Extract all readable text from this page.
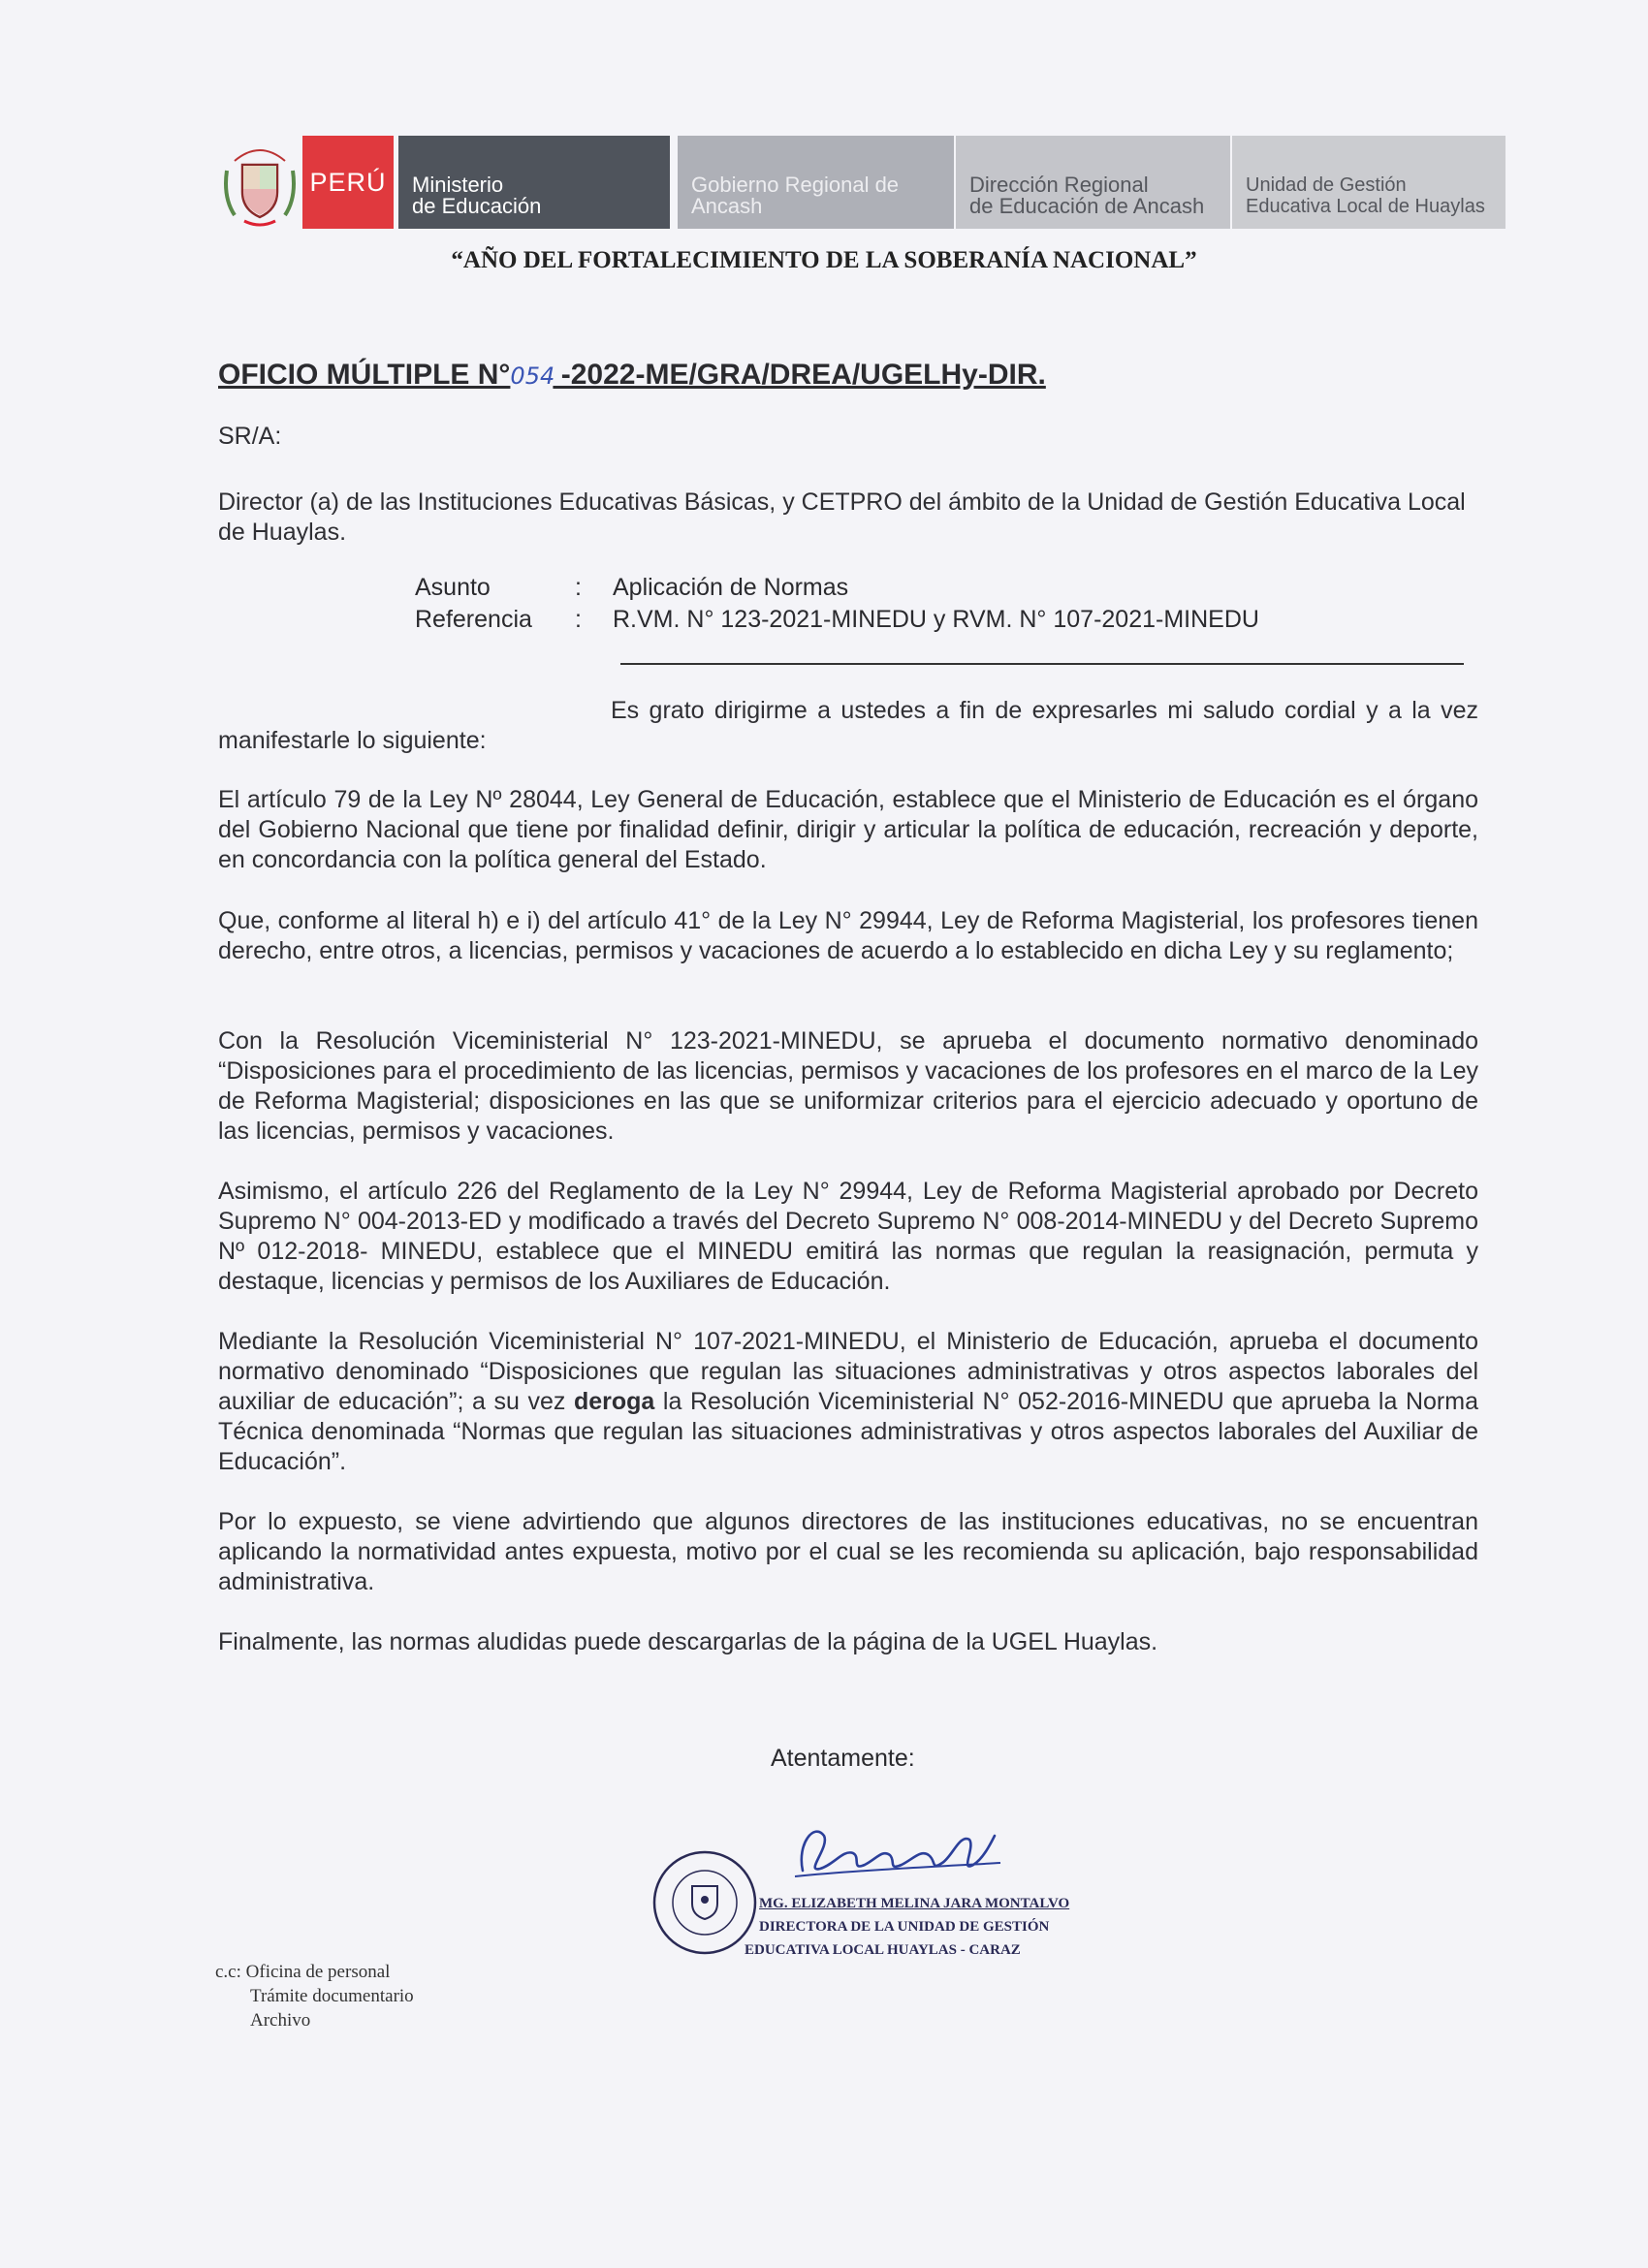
PERÚ	Ministerio
de Educación
Gobierno Regional de
Ancash
Dirección Regional
de Educación de Ancash
Unidad de Gestión
Educativa Local de Huaylas
“AÑO DEL FORTALECIMIENTO DE LA SOBERANÍA NACIONAL”
OFICIO MÚLTIPLE N°054 -2022-ME/GRA/DREA/UGELHy-DIR.
SR/A:
Director (a) de las Instituciones Educativas Básicas, y CETPRO del ámbito de la Unidad de Gestión Educativa Local de Huaylas.
Asunto	: Aplicación de Normas
Referencia : R.VM. N° 123-2021-MINEDU y RVM. N° 107-2021-MINEDU
Es grato dirigirme a ustedes a fin de expresarles mi saludo cordial y a la vez manifestarle lo siguiente:
El artículo 79 de la Ley Nº 28044, Ley General de Educación, establece que el Ministerio de Educación es el órgano del Gobierno Nacional que tiene por finalidad definir, dirigir y articular la política de educación, recreación y deporte, en concordancia con la política general del Estado.
Que, conforme al literal h) e i) del artículo 41° de la Ley N° 29944, Ley de Reforma Magisterial, los profesores tienen derecho, entre otros, a licencias, permisos y vacaciones de acuerdo a lo establecido en dicha Ley y su reglamento;
Con la Resolución Viceministerial N° 123-2021-MINEDU, se aprueba el documento normativo denominado “Disposiciones para el procedimiento de las licencias, permisos y vacaciones de los profesores en el marco de la Ley de Reforma Magisterial; disposiciones en las que se uniformizar criterios para el ejercicio adecuado y oportuno de las licencias, permisos y vacaciones.
Asimismo, el artículo 226 del Reglamento de la Ley N° 29944, Ley de Reforma Magisterial aprobado por Decreto Supremo N° 004-2013-ED y modificado a través del Decreto Supremo N° 008-2014-MINEDU y del Decreto Supremo Nº 012-2018- MINEDU, establece que el MINEDU emitirá las normas que regulan la reasignación, permuta y destaque, licencias y permisos de los Auxiliares de Educación.
Mediante la Resolución Viceministerial N° 107-2021-MINEDU, el Ministerio de Educación, aprueba el documento normativo denominado “Disposiciones que regulan las situaciones administrativas y otros aspectos laborales del auxiliar de educación”; a su vez deroga la Resolución Viceministerial N° 052-2016-MINEDU que aprueba la Norma Técnica denominada “Normas que regulan las situaciones administrativas y otros aspectos laborales del Auxiliar de Educación”.
Por lo expuesto, se viene advirtiendo que algunos directores de las instituciones educativas, no se encuentran aplicando la normatividad antes expuesta, motivo por el cual se les recomienda su aplicación, bajo responsabilidad administrativa.
Finalmente, las normas aludidas puede descargarlas de la página de la UGEL Huaylas.
Atentamente:
MG. ELIZABETH MELINA JARA MONTALVO
DIRECTORA DE LA UNIDAD DE GESTIÓN
EDUCATIVA LOCAL HUAYLAS - CARAZ
c.c: Oficina de personal
Trámite documentario
Archivo
